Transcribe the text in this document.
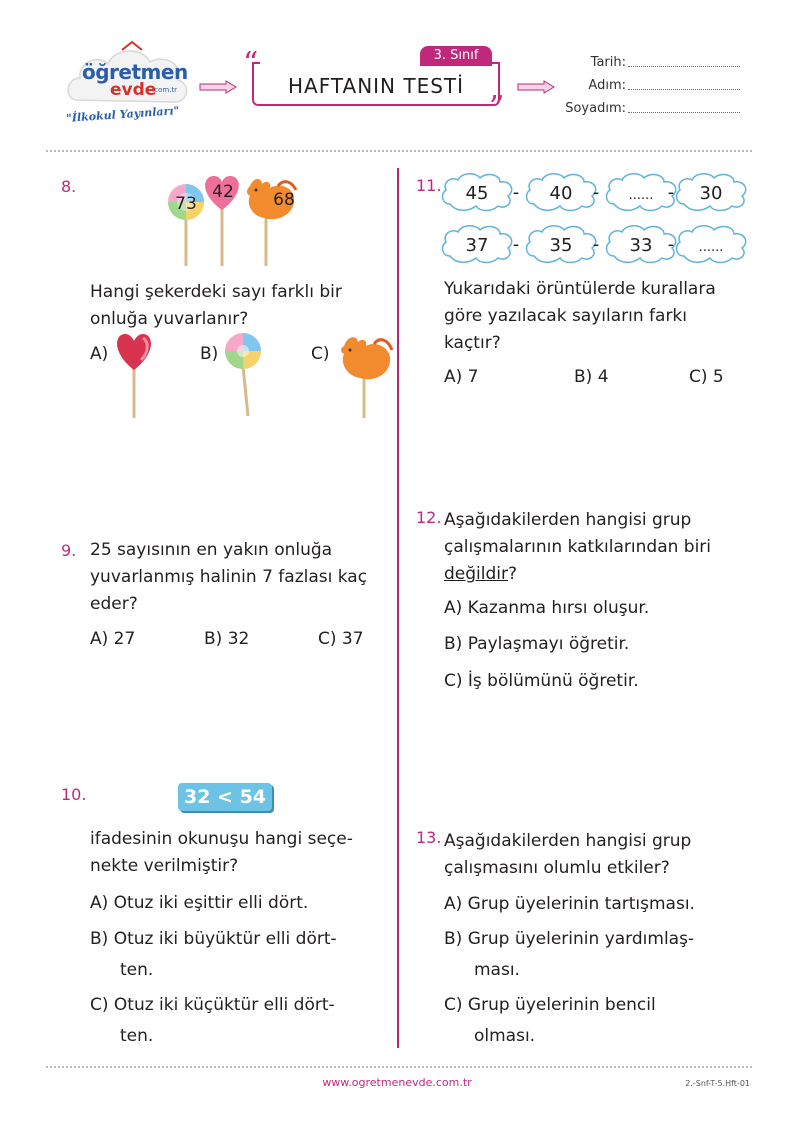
öğretmen
evde
.com.tr
"İlkokul Yayınları"
“
”
3. Sınıf
HAFTANIN TESTİ
Tarih:
Adım:
Soyadım:
8.
73
42 68
Hangi şekerdeki sayı farklı bir
onluğa yuvarlanır?
A)	B)	C)
9. 25 sayısının en yakın onluğa
yuvarlanmış halinin 7 fazlası kaç
eder?
A) 27	B) 32	C) 37
10.	32 < 54
ifadesinin okunuşu hangi seçe-
nekte verilmiştir?
A) Otuz iki eşittir elli dört.
B) Otuz iki büyüktür elli dört-
ten.
C) Otuz iki küçüktür elli dört-
ten.
11. 45	40	......	30
37	35	33	......
-	-	-
-	-	-
Yukarıdaki örüntülerde kurallara
göre yazılacak sayıların farkı
kaçtır?
A) 7	B) 4	C) 5
12. Aşağıdakilerden hangisi grup
çalışmalarının katkılarından biri
değildir?
A) Kazanma hırsı oluşur.
B) Paylaşmayı öğretir.
C) İş bölümünü öğretir.
13. Aşağıdakilerden hangisi grup
çalışmasını olumlu etkiler?
A) Grup üyelerinin tartışması.
B) Grup üyelerinin yardımlaş-
ması.
C) Grup üyelerinin bencil
olması.
www.ogretmenevde.com.tr	2.-Snf-T-5.Hft-01
